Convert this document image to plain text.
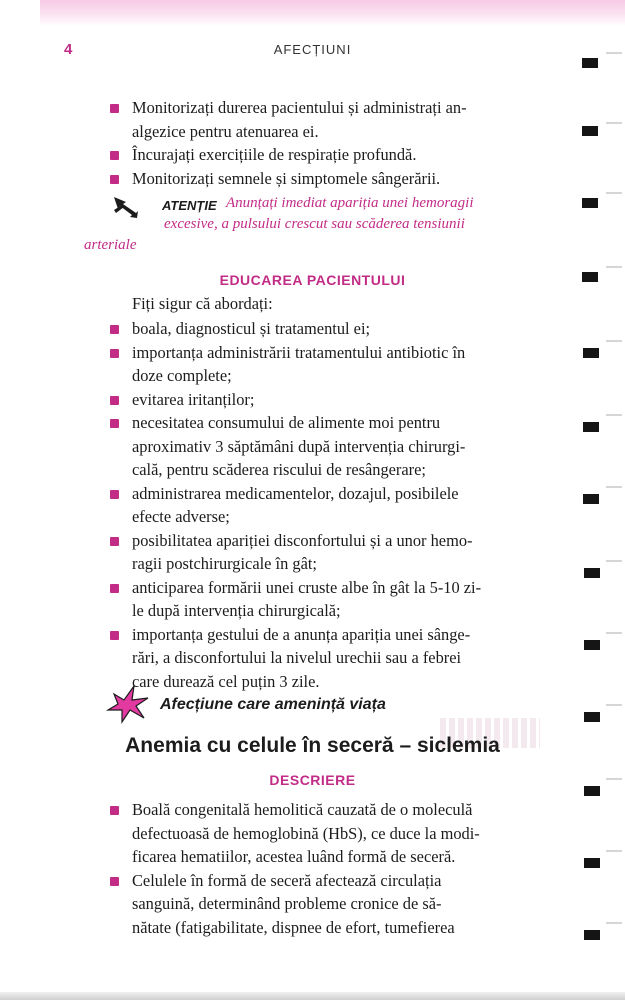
4	AFECȚIUNI
Monitorizați durerea pacientului și administrați an-
algezice pentru atenuarea ei.
Încurajați exercițiile de respirație profundă.
Monitorizați semnele și simptomele sângerării.
ATENȚIE Anunțați imediat apariția unei hemoragii
excesive, a pulsului crescut sau scăderea tensiunii
arteriale
EDUCAREA PACIENTULUI
Fiți sigur că abordați:
boala, diagnosticul și tratamentul ei;
importanța administrării tratamentului antibiotic în
doze complete;
evitarea iritanților;
necesitatea consumului de alimente moi pentru
aproximativ 3 săptămâni după intervenția chirurgi-
cală, pentru scăderea riscului de resângerare;
administrarea medicamentelor, dozajul, posibilele
efecte adverse;
posibilitatea apariției disconfortului și a unor hemo-
ragii postchirurgicale în gât;
anticiparea formării unei cruste albe în gât la 5-10 zi-
le după intervenția chirurgicală;
importanța gestului de a anunța apariția unei sânge-
rări, a disconfortului la nivelul urechii sau a febrei
care durează cel puțin 3 zile.
Afecțiune care amenință viața
Anemia cu celule în seceră – siclemia
DESCRIERE
Boală congenitală hemolitică cauzată de o moleculă
defectuoasă de hemoglobină (HbS), ce duce la modi-
ficarea hematiilor, acestea luând formă de seceră.
Celulele în formă de seceră afectează circulația
sanguină, determinând probleme cronice de să-
nătate (fatigabilitate, dispnee de efort, tumefierea
